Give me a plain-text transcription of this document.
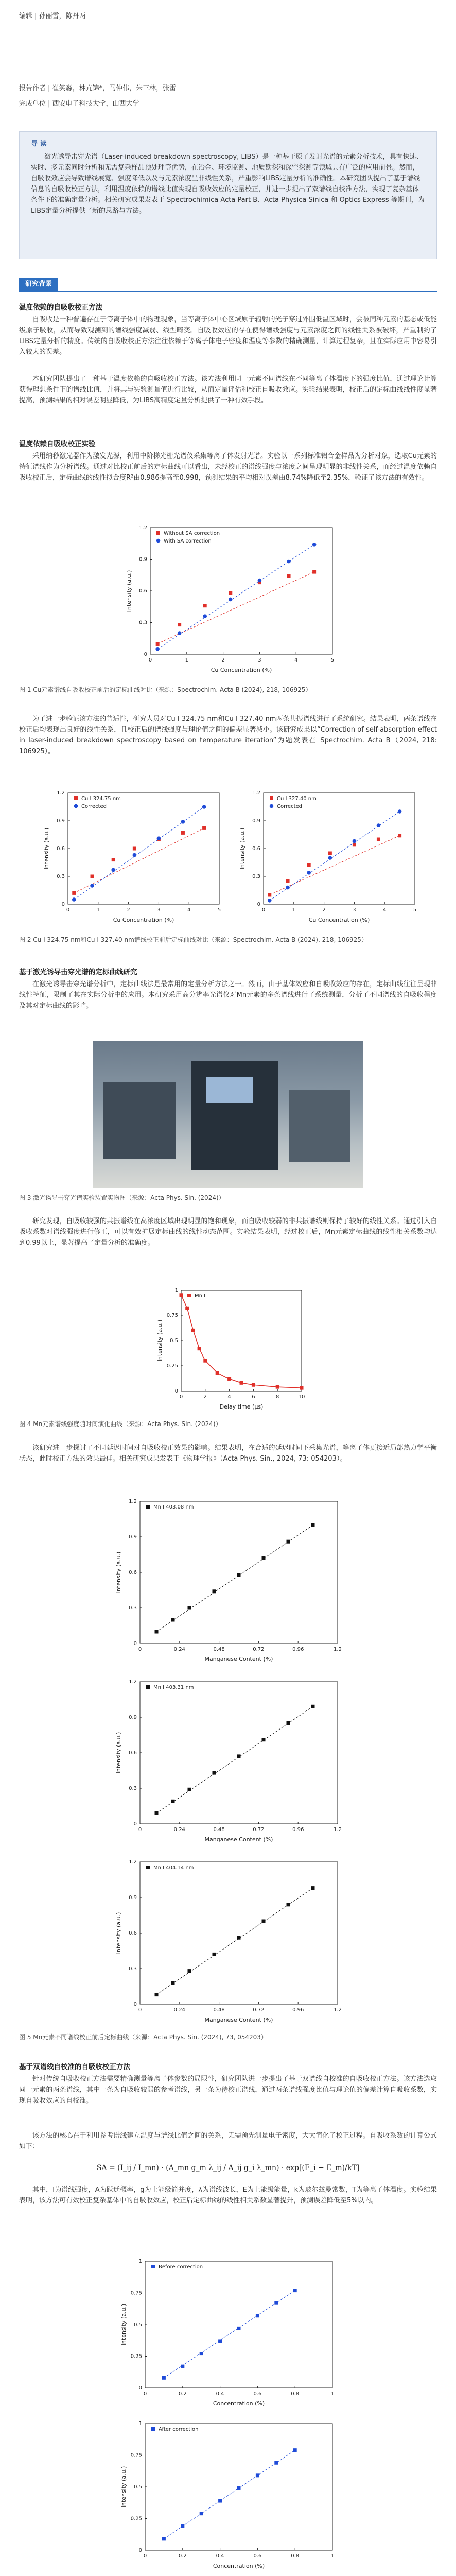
编辑 | 孙丽雪，陈丹两
报告作者 | 崔笑淼，林亢锦*，马仲伟，朱三林，张雷
完成单位 | 西安电子科技大学，山西大学
导 读

激光诱导击穿光谱（Laser-induced breakdown spectroscopy, LIBS）是一种基于原子发射光谱的元素分析技术，具有快速、实时、多元素同时分析和无需复杂样品预处理等优势，在冶金、环境监测、地质勘探和深空探测等领域具有广泛的应用前景。然而，自吸收效应会导致谱线展宽、强度降低以及与元素浓度呈非线性关系，严重影响LIBS定量分析的准确性。本研究团队提出了基于谱线信息的自吸收校正方法，利用温度依赖的谱线比值实现自吸收效应的定量校正，并进一步提出了双谱线自校准方法，实现了复杂基体条件下的准确定量分析。相关研究成果发表于 Spectrochimica Acta Part B、Acta Physica Sinica 和 Optics Express 等期刊，为LIBS定量分析提供了新的思路与方法。

研究背景
温度依赖的自吸收校正方法

自吸收是一种普遍存在于等离子体中的物理现象，当等离子体中心区域原子辐射的光子穿过外围低温区域时，会被同种元素的基态或低能级原子吸收，从而导致观测到的谱线强度减弱、线型畸变。自吸收效应的存在使得谱线强度与元素浓度之间的线性关系被破坏，严重制约了LIBS定量分析的精度。传统的自吸收校正方法往往依赖于等离子体电子密度和温度等参数的精确测量，计算过程复杂，且在实际应用中容易引入较大的误差。

本研究团队提出了一种基于温度依赖的自吸收校正方法。该方法利用同一元素不同谱线在不同等离子体温度下的强度比值，通过理论计算获得理想条件下的谱线比值，并将其与实验测量值进行比较，从而定量评估和校正自吸收效应。实验结果表明，校正后的定标曲线线性度显著提高，预测结果的相对误差明显降低，为LIBS高精度定量分析提供了一种有效手段。

温度依赖自吸收校正实验

采用纳秒激光器作为激发光源，利用中阶梯光栅光谱仪采集等离子体发射光谱。实验以一系列标准铝合金样品为分析对象，选取Cu元素的特征谱线作为分析谱线。通过对比校正前后的定标曲线可以看出，未经校正的谱线强度与浓度之间呈现明显的非线性关系，而经过温度依赖自吸收校正后，定标曲线的线性拟合度R²由0.986提高至0.998，预测结果的平均相对误差由8.74%降低至2.35%，验证了该方法的有效性。

0	1	2	3	4	5
0
0.3
0.6
0.9
1.2
Cu Concentration (%)
Intensity (a.u.)
Without SA correction
With SA correction

图 1 Cu元素谱线自吸收校正前后的定标曲线对比（来源：Spectrochim. Acta B (2024), 218, 106925）

为了进一步验证该方法的普适性，研究人员对Cu I 324.75 nm和Cu I 327.40 nm两条共振谱线进行了系统研究。结果表明，两条谱线在校正后均表现出良好的线性关系，且校正后的谱线强度与理论值之间的偏差显著减小。该研究成果以“Correction of self-absorption effect in laser-induced breakdown spectroscopy based on temperature iteration”为题发表在 Spectrochim. Acta B（2024, 218: 106925）。

0	1	2	3	4	5
0
0.3
0.6
0.9
1.2
Cu Concentration (%)
Intensity (a.u.)
Cu I 324.75 nm
Corrected
0	1	2	3	4	5
0
0.3
0.6
0.9
1.2
Cu Concentration (%)
Intensity (a.u.)
Cu I 327.40 nm
Corrected

图 2 Cu I 324.75 nm和Cu I 327.40 nm谱线校正前后定标曲线对比（来源：Spectrochim. Acta B (2024), 218, 106925）

基于激光诱导击穿光谱的定标曲线研究

在激光诱导击穿光谱分析中，定标曲线法是最常用的定量分析方法之一。然而，由于基体效应和自吸收效应的存在，定标曲线往往呈现非线性特征，限制了其在实际分析中的应用。本研究采用高分辨率光谱仪对Mn元素的多条谱线进行了系统测量，分析了不同谱线的自吸收程度及其对定标曲线的影响。

图 3 激光诱导击穿光谱实验装置实物图（来源：Acta Phys. Sin. (2024)）

研究发现，自吸收较强的共振谱线在高浓度区域出现明显的饱和现象，而自吸收较弱的非共振谱线则保持了较好的线性关系。通过引入自吸收系数对谱线强度进行修正，可以有效扩展定标曲线的线性动态范围。实验结果表明，经过校正后，Mn元素定标曲线的线性相关系数均达到0.99以上，显著提高了定量分析的准确度。

0	2	4	6	8	10
0
0.25
0.5
0.75
1
Delay time (μs)
Intensity (a.u.)
Mn I

图 4 Mn元素谱线强度随时间演化曲线（来源：Acta Phys. Sin. (2024)）

该研究进一步探讨了不同延迟时间对自吸收校正效果的影响。结果表明，在合适的延迟时间下采集光谱，等离子体更接近局部热力学平衡状态，此时校正方法的效果最佳。相关研究成果发表于《物理学报》（Acta Phys. Sin., 2024, 73: 054203）。

0	0.24	0.48	0.72	0.96	1.2
0
0.3
0.6
0.9
1.2
Manganese Content (%)
Intensity (a.u.)
Mn I 403.08 nm
0	0.24	0.48	0.72	0.96	1.2
0
0.3
0.6
0.9
1.2
Manganese Content (%)
Intensity (a.u.)
Mn I 403.31 nm
0	0.24	0.48	0.72	0.96	1.2
0
0.3
0.6
0.9
1.2
Manganese Content (%)
Intensity (a.u.)
Mn I 404.14 nm

图 5 Mn元素不同谱线校正前后定标曲线（来源：Acta Phys. Sin. (2024), 73, 054203）

基于双谱线自校准的自吸收校正方法

针对传统自吸收校正方法需要精确测量等离子体参数的局限性，研究团队进一步提出了基于双谱线自校准的自吸收校正方法。该方法选取同一元素的两条谱线，其中一条为自吸收较弱的参考谱线，另一条为待校正谱线，通过两条谱线强度比值与理论值的偏差计算自吸收系数，实现自吸收效应的自校准。

该方法的核心在于利用参考谱线建立温度与谱线比值之间的关系，无需预先测量电子密度，大大简化了校正过程。自吸收系数的计算公式如下：

SA = (I_ij / I_mn) · (A_mn g_m λ_ij / A_ij g_i λ_mn) · exp[(E_i − E_m)/kT]

其中，I为谱线强度，A为跃迁概率，g为上能级简并度，λ为谱线波长，E为上能级能量，k为玻尔兹曼常数，T为等离子体温度。实验结果表明，该方法可有效校正复杂基体中的自吸收效应，校正后定标曲线的线性相关系数显著提升，预测误差降低至5%以内。

0	0.2	0.4	0.6	0.8	1
0
0.25
0.5
0.75
1
Concentration (%)
Intensity (a.u.)
Before correction
0	0.2	0.4	0.6	0.8	1
0
0.25
0.5
0.75
1
Concentration (%)
Intensity (a.u.)
After correction
